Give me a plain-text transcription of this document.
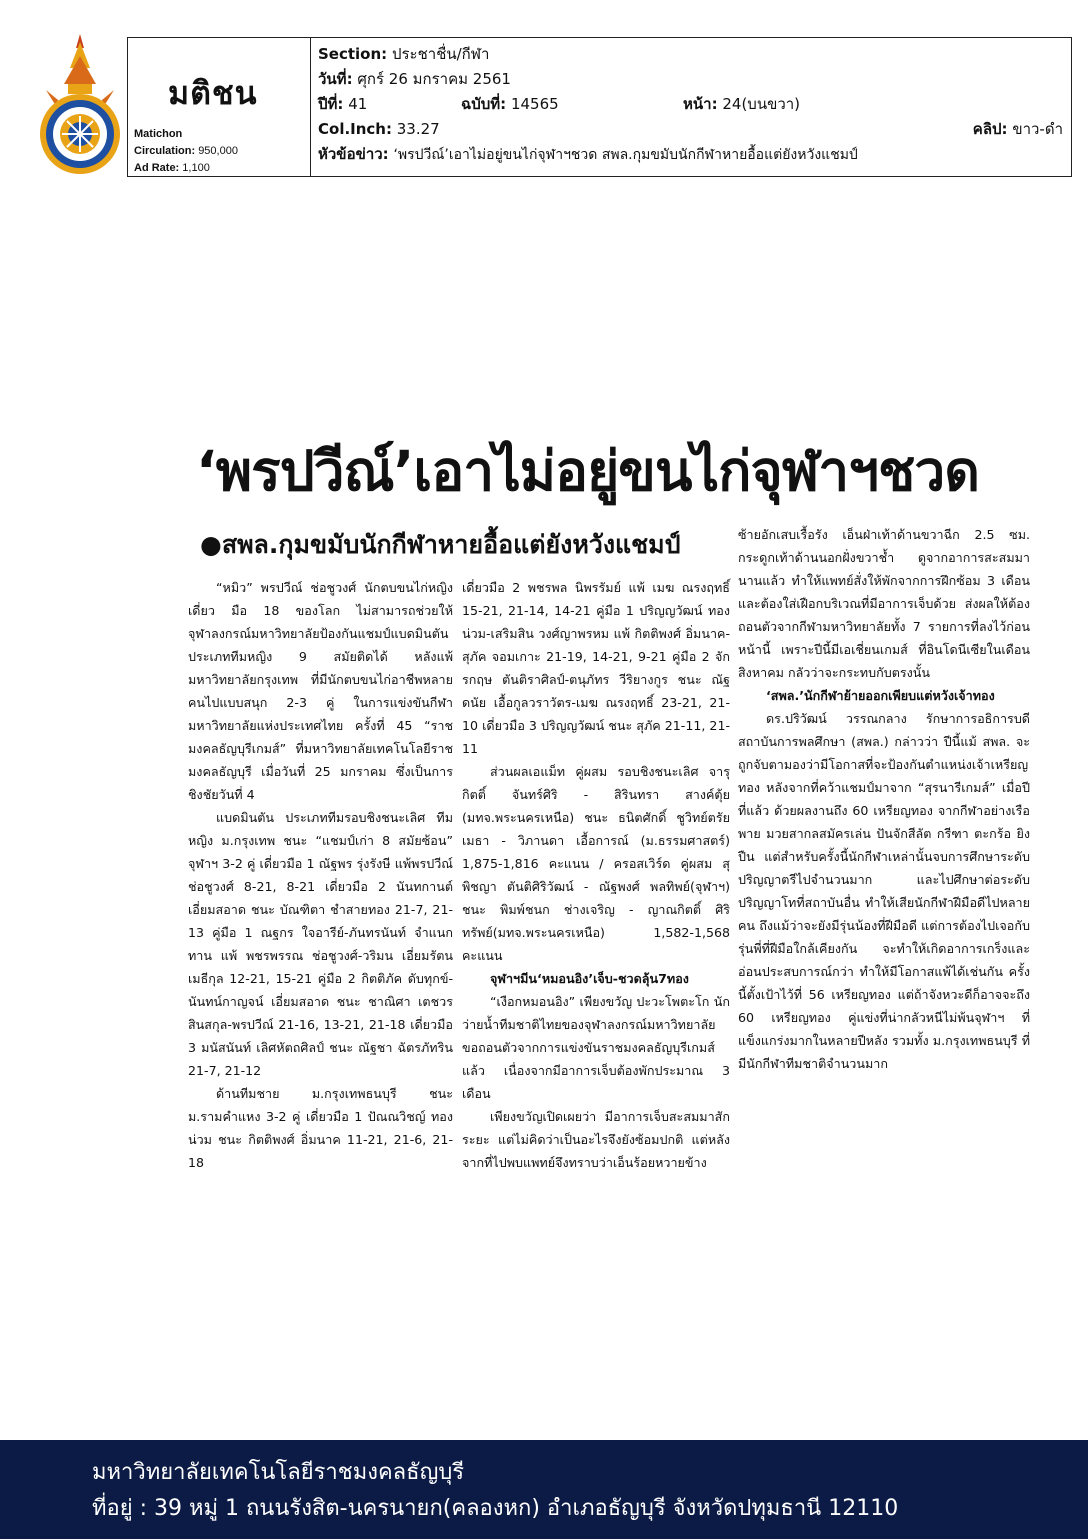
มติชน
Matichon
Circulation: 950,000
Ad Rate: 1,100
Section: ประชาชื่น/กีฬา
วันที่: ศุกร์ 26 มกราคม 2561
ปีที่: 41	ฉบับที่: 14565	หน้า: 24(บนขวา)
Col.Inch: 33.27	คลิป: ขาว-ดำ
หัวข้อข่าว: ‘พรปวีณ์’เอาไม่อยู่ขนไก่จุฬาฯชวด สพล.กุมขมับนักกีฬาหายอื้อแต่ยังหวังแชมป์
‘พรปวีณ์’เอาไม่อยู่ขนไก่จุฬาฯชวด
●สพล.กุมขมับนักกีฬาหายอื้อแต่ยังหวังแชมป์

“หมิว” พรปวีณ์ ช่อชูวงศ์ นักตบขนไก่หญิงเดี่ยว มือ 18 ของโลก ไม่สามารถช่วยให้จุฬาลงกรณ์มหาวิทยาลัยป้องกันแชมป์แบดมินตันประเภททีมหญิง 9 สมัยติดได้ หลังแพ้มหาวิทยาลัยกรุงเทพ ที่มีนักตบขนไก่อาชีพหลายคนไปแบบสนุก 2-3 คู่ ในการแข่งขันกีฬามหาวิทยาลัยแห่งประเทศไทย ครั้งที่ 45 “ราชมงคลธัญบุรีเกมส์” ที่มหาวิทยาลัยเทคโนโลยีราชมงคลธัญบุรี เมื่อวันที่ 25 มกราคม ซึ่งเป็นการชิงชัยวันที่ 4

แบดมินตัน ประเภททีมรอบชิงชนะเลิศ ทีมหญิง ม.กรุงเทพ ชนะ “แชมป์เก่า 8 สมัยซ้อน” จุฬาฯ 3-2 คู่ เดี่ยวมือ 1 ณัฐพร รุ่งรังษี แพ้พรปวีณ์ ช่อชูวงศ์ 8-21, 8-21 เดี่ยวมือ 2 นันทกานต์ เอี่ยมสอาด ชนะ บัณฑิตา ชำสายทอง 21-7, 21-13 คู่มือ 1 ณฐกร ใจอารีย์-ภันทรนันท์ จำแนกทาน แพ้ พชรพรรณ ช่อชูวงศ์-วริมน เอี่ยมรัตนเมธีกุล 12-21, 15-21 คู่มือ 2 กิตติภัค ดับทุกข์-นันทน์กาญจน์ เอี่ยมสอาด ชนะ ชาณิศา เตชวรสินสกุล-พรปวีณ์ 21-16, 13-21, 21-18 เดี่ยวมือ 3 มนัสนันท์ เลิศหัตถศิลป์ ชนะ ณัฐชา ฉัตรภัทริน 21-7, 21-12

ด้านทีมชาย ม.กรุงเทพธนบุรี ชนะ ม.รามคำแหง 3-2 คู่ เดี่ยวมือ 1 ปัณณวิชญ์ ทองน่วม ชนะ กิตติพงศ์ อิ่มนาค 11-21, 21-6, 21-18

เดี่ยวมือ 2 พชรพล นิพรรัมย์ แพ้ เมฆ ณรงฤทธิ์ 15-21, 21-14, 14-21 คู่มือ 1 ปริญญวัฒน์ ทองน่วม-เสริมสิน วงศ์ญาพรหม แพ้ กิตติพงศ์ อิ่มนาค-สุภัค จอมเกาะ 21-19, 14-21, 9-21 คู่มือ 2 จักรกฤษ ตันติราศิลป์-ตนุภัทร วีริยางกูร ชนะ ณัฐดนัย เอื้อกูลวราวัตร-เมฆ ณรงฤทธิ์ 23-21, 21-10 เดี่ยวมือ 3 ปริญญวัฒน์ ชนะ สุภัค 21-11, 21-11

ส่วนผลเอแม็ท คู่ผสม รอบชิงชนะเลิศ จารุกิตติ์ จันทร์ศิริ - สิรินทรา สางค์ตุ้ย (มทจ.พระนครเหนือ) ชนะ ธนิตศักดิ์ ชูวิทย์ตรัยเมธา - วิภานดา เอื้อการณ์ (ม.ธรรมศาสตร์) 1,875-1,816 คะแนน / ครอสเวิร์ด คู่ผสม สุพิชญา ตันติศิริวัฒน์ - ณัฐพงศ์ พลทิพย์(จุฬาฯ) ชนะ พิมพ์ชนก ช่างเจริญ - ญาณกิตติ์ ศิริทรัพย์(มทจ.พระนครเหนือ) 1,582-1,568 คะแนน

จุฬาฯมีน‘หมอนอิง’เจ็บ-ชวดลุ้น7ทอง

“เงือกหมอนอิง” เพียงขวัญ ปะวะโพตะโก นักว่ายน้ำทีมชาติไทยของจุฬาลงกรณ์มหาวิทยาลัย ขอถอนตัวจากการแข่งขันราชมงคลธัญบุรีเกมส์ แล้ว เนื่องจากมีอาการเจ็บต้องพักประมาณ 3 เดือน

เพียงขวัญเปิดเผยว่า มีอาการเจ็บสะสมมาสักระยะ แต่ไม่คิดว่าเป็นอะไรจึงยังซ้อมปกติ แต่หลังจากที่ไปพบแพทย์จึงทราบว่าเอ็นร้อยหวายข้าง

ซ้ายอักเสบเรื้อรัง เอ็นฝ่าเท้าด้านขวาฉีก 2.5 ซม. กระดูกเท้าด้านนอกฝั่งขวาช้ำ ดูจากอาการสะสมมานานแล้ว ทำให้แพทย์สั่งให้พักจากการฝึกซ้อม 3 เดือน และต้องใส่เฝือกบริเวณที่มีอาการเจ็บด้วย ส่งผลให้ต้องถอนตัวจากกีฬามหาวิทยาลัยทั้ง 7 รายการที่ลงไว้ก่อนหน้านี้ เพราะปีนี้มีเอเชี่ยนเกมส์ ที่อินโดนีเซียในเดือนสิงหาคม กลัวว่าจะกระทบกับตรงนั้น

‘สพล.’นักกีฬาย้ายออกเพียบแต่หวังเจ้าทอง

ดร.ปริวัฒน์ วรรณกลาง รักษาการอธิการบดีสถาบันการพลศึกษา (สพล.) กล่าวว่า ปีนี้แม้ สพล. จะถูกจับตามองว่ามีโอกาสที่จะป้องกันตำแหน่งเจ้าเหรียญทอง หลังจากที่คว้าแชมป์มาจาก “สุรนารีเกมส์” เมื่อปีที่แล้ว ด้วยผลงานถึง 60 เหรียญทอง จากกีฬาอย่างเรือพาย มวยสากลสมัครเล่น ปันจักสีลัต กรีฑา ตะกร้อ ยิงปืน แต่สำหรับครั้งนี้นักกีฬาเหล่านั้นจบการศึกษาระดับปริญญาตรีไปจำนวนมาก และไปศึกษาต่อระดับปริญญาโทที่สถาบันอื่น ทำให้เสียนักกีฬาฝีมือดีไปหลายคน ถึงแม้ว่าจะยังมีรุ่นน้องที่ฝีมือดี แต่การต้องไปเจอกับรุ่นพี่ที่ฝีมือใกล้เคียงกัน จะทำให้เกิดอาการเกร็งและอ่อนประสบการณ์กว่า ทำให้มีโอกาสแพ้ได้เช่นกัน ครั้งนี้ตั้งเป้าไว้ที่ 56 เหรียญทอง แต่ถ้าจังหวะดีก็อาจจะถึง 60 เหรียญทอง คู่แข่งที่น่ากลัวหนีไม่พ้นจุฬาฯ ที่แข็งแกร่งมากในหลายปีหลัง รวมทั้ง ม.กรุงเทพธนบุรี ที่มีนักกีฬาทีมชาติจำนวนมาก

มหาวิทยาลัยเทคโนโลยีราชมงคลธัญบุรี
ที่อยู่ : 39 หมู่ 1 ถนนรังสิต-นครนายก(คลองหก) อำเภอธัญบุรี จังหวัดปทุมธานี 12110
